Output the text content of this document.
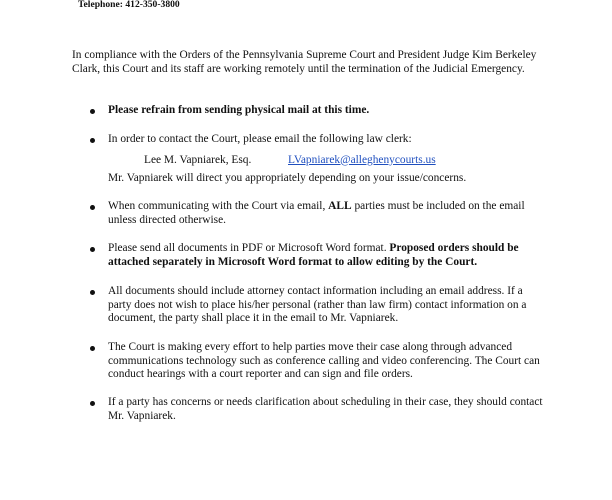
Telephone: 412-350-3800

In compliance with the Orders of the Pennsylvania Supreme Court and President Judge Kim Berkeley Clark, this Court and its staff are working remotely until the termination of the Judicial Emergency.

Please refrain from sending physical mail at this time.
In order to contact the Court, please email the following law clerk:
Lee M. Vapniarek, Esq.	LVapniarek@alleghenycourts.us
Mr. Vapniarek will direct you appropriately depending on your issue/concerns.
When communicating with the Court via email, ALL parties must be included on the email unless directed otherwise.
Please send all documents in PDF or Microsoft Word format. Proposed orders should be attached separately in Microsoft Word format to allow editing by the Court.
All documents should include attorney contact information including an email address. If a party does not wish to place his/her personal (rather than law firm) contact information on a document, the party shall place it in the email to Mr. Vapniarek.
The Court is making every effort to help parties move their case along through advanced communications technology such as conference calling and video conferencing. The Court can conduct hearings with a court reporter and can sign and file orders.
If a party has concerns or needs clarification about scheduling in their case, they should contact Mr. Vapniarek.
